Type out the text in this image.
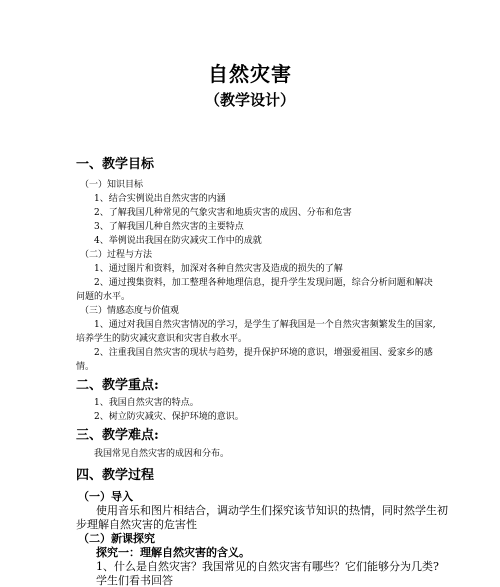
自然灾害
（教学设计）
一、教学目标
（一）知识目标
1、结合实例说出自然灾害的内涵
2、了解我国几种常见的气象灾害和地质灾害的成因、分布和危害
3、了解我国几种自然灾害的主要特点
4、举例说出我国在防灾减灾工作中的成就
（二）过程与方法
1、通过图片和资料，加深对各种自然灾害及造成的损失的了解
2、通过搜集资料，加工整理各种地理信息，提升学生发现问题，综合分析问题和解决
问题的水平。
（三）情感态度与价值观
1、通过对我国自然灾害情况的学习，是学生了解我国是一个自然灾害频繁发生的国家,
培养学生的防灾减灾意识和灾害自救水平。
2、注重我国自然灾害的现状与趋势，提升保护环境的意识，增强爱祖国、爱家乡的感
情。
二、教学重点:
1、我国自然灾害的特点。
2、树立防灾减灾、保护环境的意识。
三、教学难点:
我国常见自然灾害的成因和分布。
四、教学过程
（一）导入
使用音乐和图片相结合，调动学生们探究该节知识的热情，同时然学生初
步理解自然灾害的危害性
（二）新课探究
探究一：理解自然灾害的含义。
1、什么是自然灾害？我国常见的自然灾害有哪些？它们能够分为几类?
学生们看书回答
